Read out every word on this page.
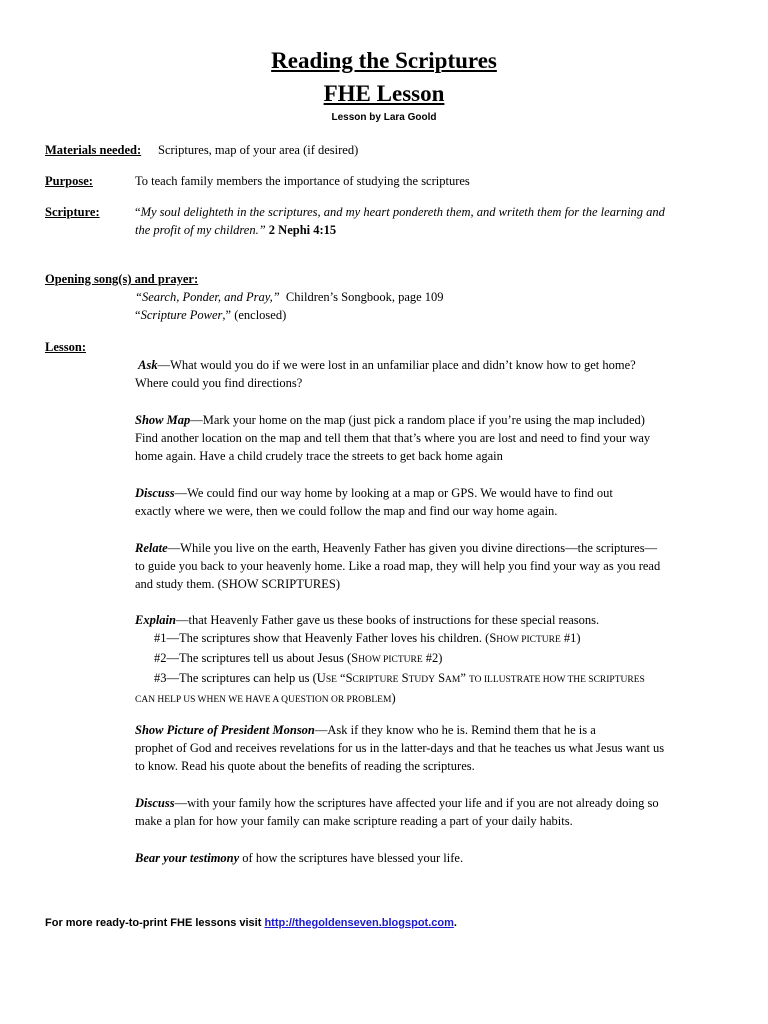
Reading the Scriptures
FHE Lesson
Lesson by Lara Goold
Materials needed: Scriptures, map of your area (if desired)
Purpose:	To teach family members the importance of studying the scriptures
Scripture:	“My soul delighteth in the scriptures, and my heart pondereth them, and writeth them for the learning and
the profit of my children.” 2 Nephi 4:15
Opening song(s) and prayer:
“Search, Ponder, and Pray,” Children’s Songbook, page 109
“Scripture Power,” (enclosed)
Lesson:

Ask—What would you do if we were lost in an unfamiliar place and didn’t know how to get home?

Where could you find directions?

Show Map—Mark your home on the map (just pick a random place if you’re using the map included)

Find another location on the map and tell them that that’s where you are lost and need to find your way

home again. Have a child crudely trace the streets to get back home again

Discuss—We could find our way home by looking at a map or GPS. We would have to find out

exactly where we were, then we could follow the map and find our way home again.

Relate—While you live on the earth, Heavenly Father has given you divine directions—the scriptures—

to guide you back to your heavenly home. Like a road map, they will help you find your way as you read

and study them. (SHOW SCRIPTURES)

Explain—that Heavenly Father gave us these books of instructions for these special reasons.

#1—The scriptures show that Heavenly Father loves his children. (SHOW PICTURE #1)

#2—The scriptures tell us about Jesus (SHOW PICTURE #2)

#3—The scriptures can help us (USE “SCRIPTURE STUDY SAM” TO ILLUSTRATE HOW THE SCRIPTURES

CAN HELP US WHEN WE HAVE A QUESTION OR PROBLEM)

Show Picture of President Monson—Ask if they know who he is. Remind them that he is a

prophet of God and receives revelations for us in the latter-days and that he teaches us what Jesus want us

to know. Read his quote about the benefits of reading the scriptures.

Discuss—with your family how the scriptures have affected your life and if you are not already doing so

make a plan for how your family can make scripture reading a part of your daily habits.

Bear your testimony of how the scriptures have blessed your life.

For more ready-to-print FHE lessons visit http://thegoldenseven.blogspot.com.
